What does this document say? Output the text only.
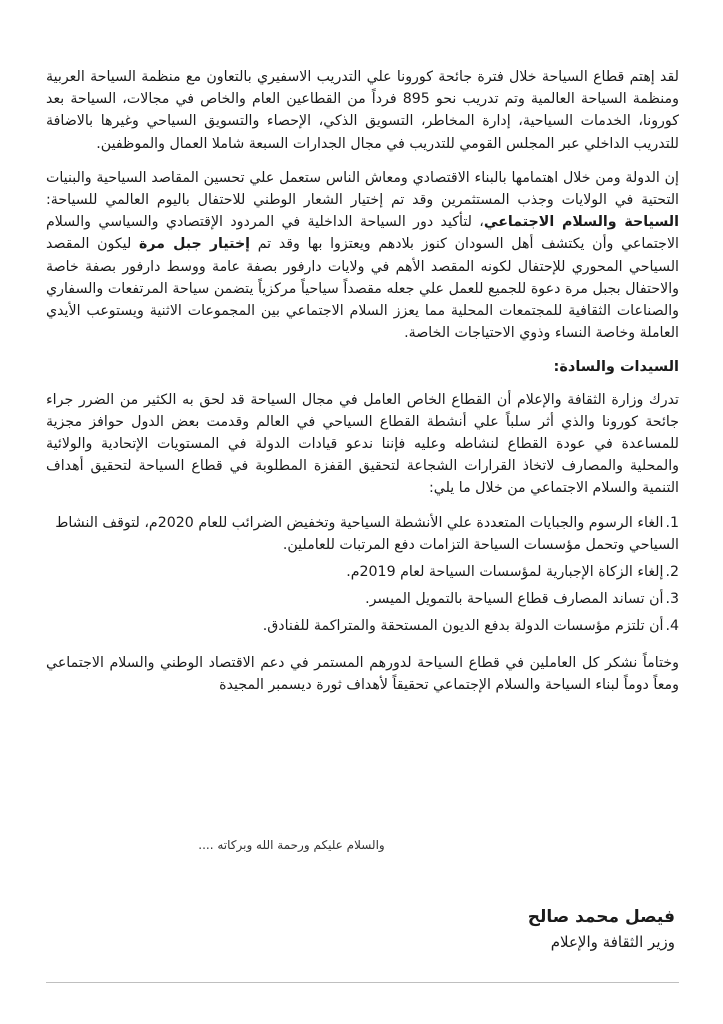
لقد إهتم قطاع السياحة خلال فترة جائحة كورونا علي التدريب الاسفيري بالتعاون مع منظمة السياحة العربية ومنظمة السياحة العالمية وتم تدريب نحو 895 فرداً من القطاعين العام والخاص في مجالات، السياحة بعد كورونا، الخدمات السياحية، إدارة المخاطر، التسويق الذكي، الإحصاء والتسويق السياحي وغيرها بالاضافة للتدريب الداخلي عبر المجلس القومي للتدريب في مجال الجدارات السبعة شاملا العمال والموظفين.

إن الدولة ومن خلال اهتمامها بالبناء الاقتصادي ومعاش الناس ستعمل علي تحسين المقاصد السياحية والبنيات التحتية في الولايات وجذب المستثمرين وقد تم إختيار الشعار الوطني للاحتفال باليوم العالمي للسياحة: السياحة والسلام الاجتماعي، لتأكيد دور السياحة الداخلية في المردود الإقتصادي والسياسي والسلام الاجتماعي وأن يكتشف أهل السودان كنوز بلادهم ويعتزوا بها وقد تم إختيار جبل مرة ليكون المقصد السياحي المحوري للإحتفال لكونه المقصد الأهم في ولايات دارفور بصفة عامة ووسط دارفور بصفة خاصة والاحتفال بجبل مرة دعوة للجميع للعمل علي جعله مقصداً سياحياً مركزياً يتضمن سياحة المرتفعات والسفاري والصناعات الثقافية للمجتمعات المحلية مما يعزز السلام الاجتماعي بين المجموعات الاثنية ويستوعب الأيدي العاملة وخاصة النساء وذوي الاحتياجات الخاصة.

السيدات والسادة:

تدرك وزارة الثقافة والإعلام أن القطاع الخاص العامل في مجال السياحة قد لحق به الكثير من الضرر جراء جائحة كورونا والذي أثر سلباً علي أنشطة القطاع السياحي في العالم وقدمت بعض الدول حوافز مجزية للمساعدة في عودة القطاع لنشاطه وعليه فإننا ندعو قيادات الدولة في المستويات الإتحادية والولائية والمحلية والمصارف لاتخاذ القرارات الشجاعة لتحقيق القفزة المطلوبة في قطاع السياحة لتحقيق أهداف التنمية والسلام الاجتماعي من خلال ما يلي:

1.الغاء الرسوم والجبايات المتعددة علي الأنشطة السياحية وتخفيض الضرائب للعام 2020م، لتوقف النشاط السياحي وتحمل مؤسسات السياحة التزامات دفع المرتبات للعاملين.
2.إلغاء الزكاة الإجبارية لمؤسسات السياحة لعام 2019م.
3.أن تساند المصارف قطاع السياحة بالتمويل الميسر.
4.أن تلتزم مؤسسات الدولة بدفع الديون المستحقة والمتراكمة للفنادق.

وختاماً نشكر كل العاملين في قطاع السياحة لدورهم المستمر في دعم الاقتصاد الوطني والسلام الاجتماعي ومعاً دوماً لبناء السياحة والسلام الإجتماعي تحقيقاً لأهداف ثورة ديسمبر المجيدة

والسلام عليكم ورحمة الله وبركاته ....
فيصل محمد صالح
وزير الثقافة والإعلام
